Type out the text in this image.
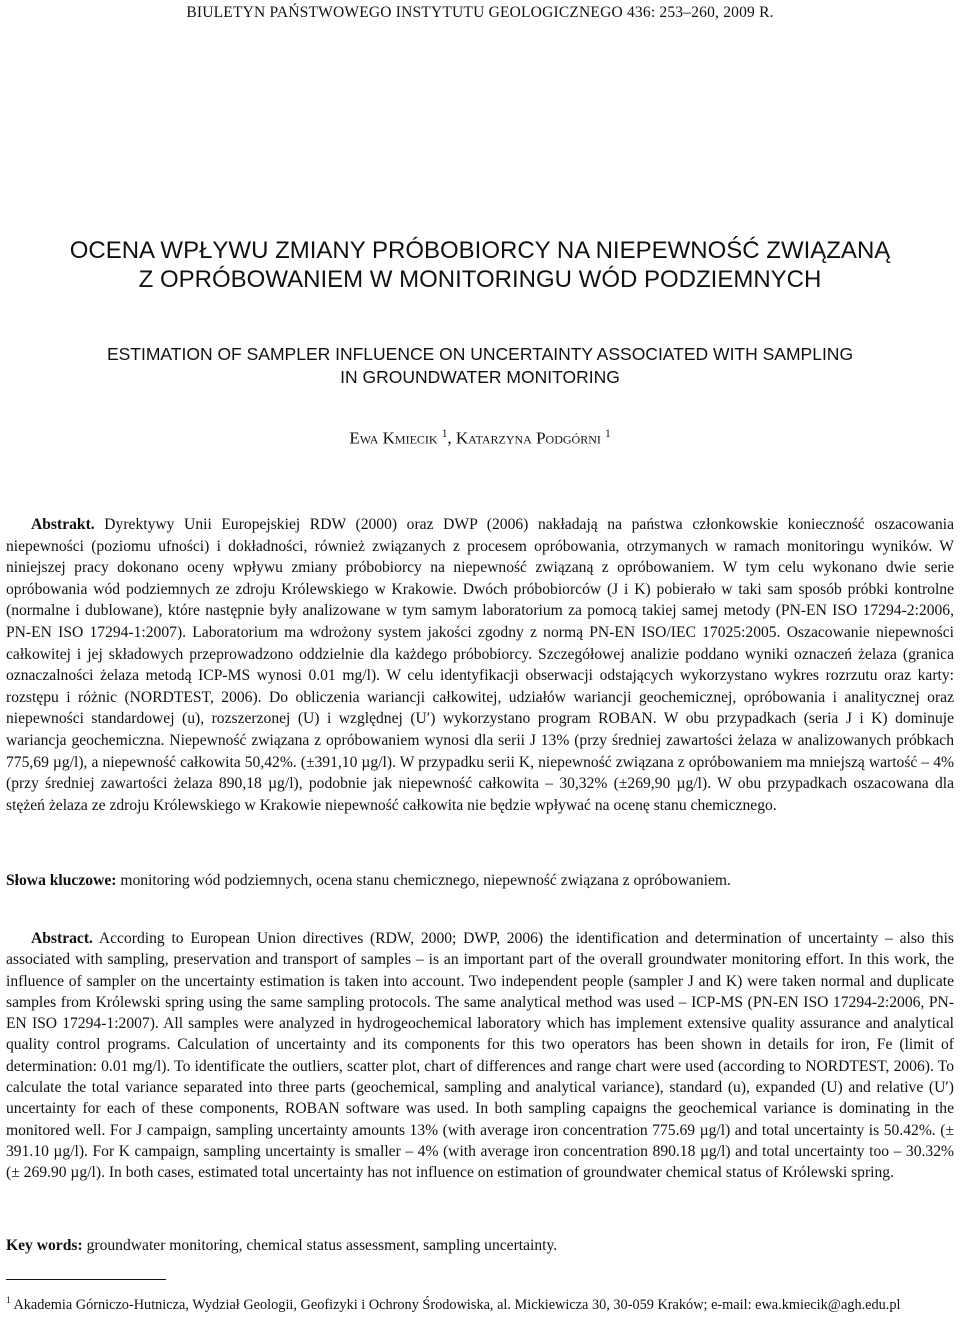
BIULETYN PAŃSTWOWEGO INSTYTUTU GEOLOGICZNEGO 436: 253–260, 2009 R.
OCENA WPŁYWU ZMIANY PRÓBOBIORCY NA NIEPEWNOŚĆ ZWIĄZANĄ
Z OPRÓBOWANIEM W MONITORINGU WÓD PODZIEMNYCH
ESTIMATION OF SAMPLER INFLUENCE ON UNCERTAINTY ASSOCIATED WITH SAMPLING
IN GROUNDWATER MONITORING
Ewa Kmiecik $^1$, Katarzyna Podgórni $^1$

Abstrakt. Dyrektywy Unii Europejskiej RDW (2000) oraz DWP (2006) nakładają na państwa członkowskie konieczność oszacowania niepewności (poziomu ufności) i dokładności, również związanych z procesem opróbowania, otrzymanych w ramach monitoringu wyników. W niniejszej pracy dokonano oceny wpływu zmiany próbobiorcy na niepewność związaną z opróbowaniem. W tym celu wykonano dwie serie opróbowania wód podziemnych ze zdroju Królewskiego w Krakowie. Dwóch próbobiorców (J i K) pobierało w taki sam sposób próbki kontrolne (normalne i dublowane), które następnie były analizowane w tym samym laboratorium za pomocą takiej samej metody (PN-EN ISO 17294-2:2006, PN-EN ISO 17294-1:2007). Laboratorium ma wdrożony system jakości zgodny z normą PN-EN ISO/IEC 17025:2005. Oszacowanie niepewności całkowitej i jej składowych przeprowadzono oddzielnie dla każdego próbobiorcy. Szczegółowej analizie poddano wyniki oznaczeń żelaza (granica oznaczalności żelaza metodą ICP-MS wynosi 0.01 mg/l). W celu identyfikacji obserwacji odstających wykorzystano wykres rozrzutu oraz karty: rozstępu i różnic (NORDTEST, 2006). Do obliczenia wariancji całkowitej, udziałów wariancji geochemicznej, opróbowania i analitycznej oraz niepewności standardowej (u), rozszerzonej (U) i względnej (U′) wykorzystano program ROBAN. W obu przypadkach (seria J i K) dominuje wariancja geochemiczna. Niepewność związana z opróbowaniem wynosi dla serii J 13% (przy średniej zawartości żelaza w analizowanych próbkach 775,69 µg/l), a niepewność całkowita 50,42%. (±391,10 µg/l). W przypadku serii K, niepewność związana z opróbowaniem ma mniejszą wartość – 4% (przy średniej zawartości żelaza 890,18 µg/l), podobnie jak niepewność całkowita – 30,32% (±269,90 µg/l). W obu przypadkach oszacowana dla stężeń żelaza ze zdroju Królewskiego w Krakowie niepewność całkowita nie będzie wpływać na ocenę stanu chemicznego.

Słowa kluczowe: monitoring wód podziemnych, ocena stanu chemicznego, niepewność związana z opróbowaniem.

Abstract. According to European Union directives (RDW, 2000; DWP, 2006) the identification and determination of uncertainty – also this associated with sampling, preservation and transport of samples – is an important part of the overall groundwater monitoring effort. In this work, the influence of sampler on the uncertainty estimation is taken into account. Two independent people (sampler J and K) were taken normal and duplicate samples from Królewski spring using the same sampling protocols. The same analytical method was used – ICP-MS (PN-EN ISO 17294-2:2006, PN-EN ISO 17294-1:2007). All samples were analyzed in hydrogeochemical laboratory which has implement extensive quality assurance and analytical quality control programs. Calculation of uncertainty and its components for this two operators has been shown in details for iron, Fe (limit of determination: 0.01 mg/l). To identificate the outliers, scatter plot, chart of differences and range chart were used (according to NORDTEST, 2006). To calculate the total variance separated into three parts (geochemical, sampling and analytical variance), standard (u), expanded (U) and relative (U′) uncertainty for each of these components, ROBAN software was used. In both sampling capaigns the geochemical variance is dominating in the monitored well. For J campaign, sampling uncertainty amounts 13% (with average iron concentration 775.69 µg/l) and total uncertainty is 50.42%. (± 391.10 µg/l). For K campaign, sampling uncertainty is smaller – 4% (with average iron concentration 890.18 µg/l) and total uncertainty too – 30.32% (± 269.90 µg/l). In both cases, estimated total uncertainty has not influence on estimation of groundwater chemical status of Królewski spring.

Key words: groundwater monitoring, chemical status assessment, sampling uncertainty.

$^1$ Akademia Górniczo-Hutnicza, Wydział Geologii, Geofizyki i Ochrony Środowiska, al. Mickiewicza 30, 30-059 Kraków; e-mail: ewa.kmiecik@agh.edu.pl
